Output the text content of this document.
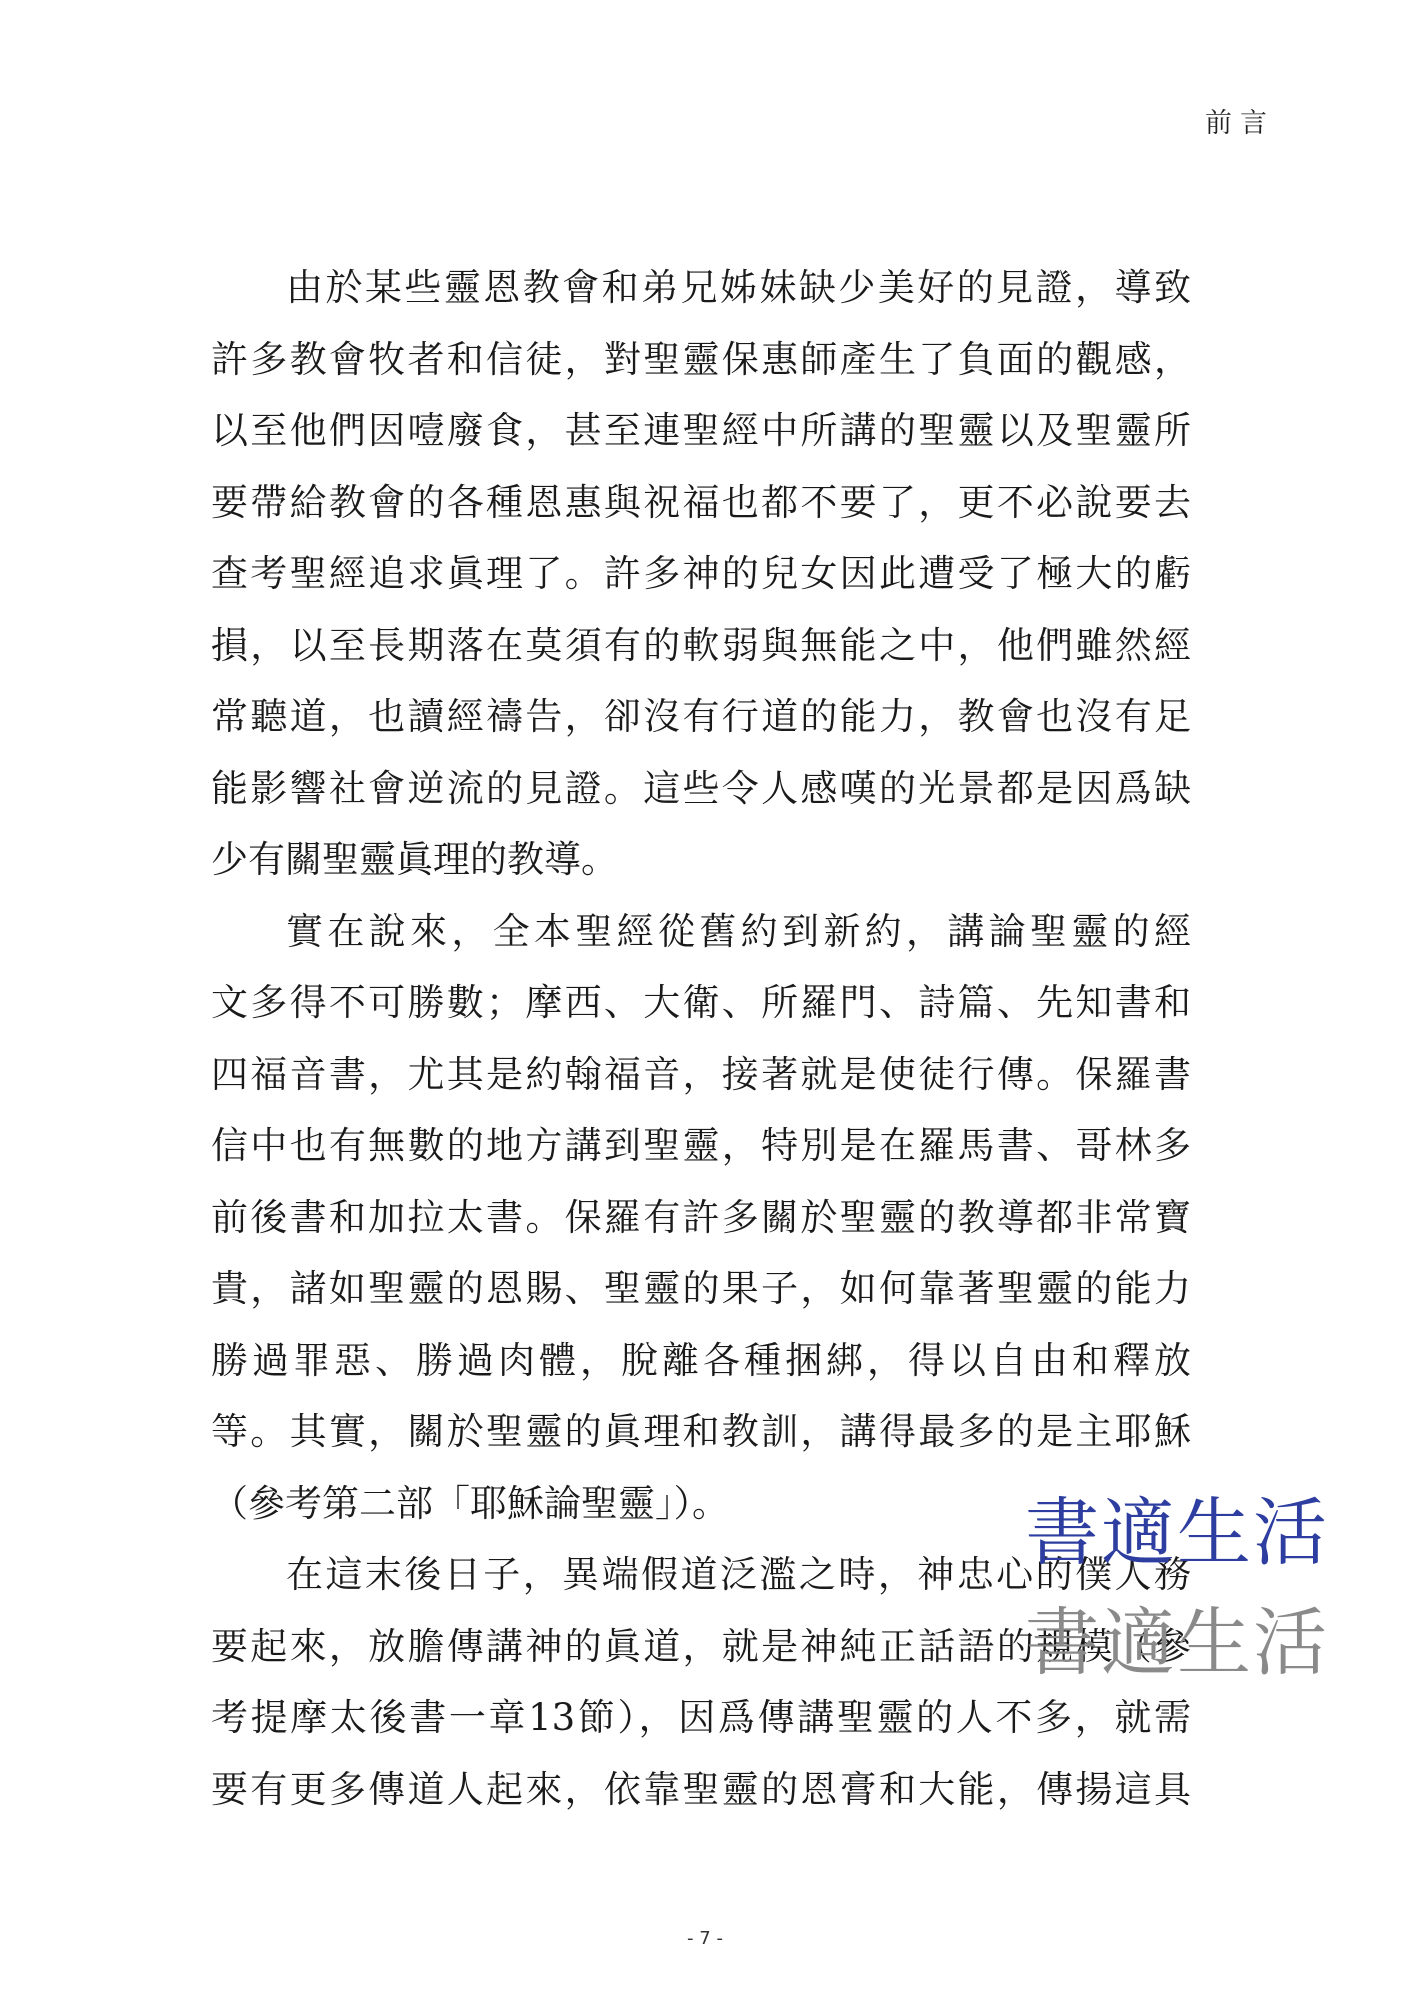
前言
由於某些靈恩教會和弟兄姊妹缺少美好的見證，導致
許多教會牧者和信徒，對聖靈保惠師產生了負面的觀感，
以至他們因噎廢食，甚至連聖經中所講的聖靈以及聖靈所
要帶給教會的各種恩惠與祝福也都不要了，更不必說要去
查考聖經追求眞理了。許多神的兒女因此遭受了極大的虧
損，以至長期落在莫須有的軟弱與無能之中，他們雖然經
常聽道，也讀經禱告，卻沒有行道的能力，教會也沒有足
能影響社會逆流的見證。這些令人感嘆的光景都是因爲缺
少有關聖靈眞理的教導。
實在說來，全本聖經從舊約到新約，講論聖靈的經
文多得不可勝數；摩西、大衛、所羅門、詩篇、先知書和
四福音書，尤其是約翰福音，接著就是使徒行傳。保羅書
信中也有無數的地方講到聖靈，特別是在羅馬書、哥林多
前後書和加拉太書。保羅有許多關於聖靈的教導都非常寶
貴，諸如聖靈的恩賜、聖靈的果子，如何靠著聖靈的能力
勝過罪惡、勝過肉體，脫離各種捆綁，得以自由和釋放
等。其實，關於聖靈的眞理和教訓，講得最多的是主耶穌
（參考第二部「耶穌論聖靈」）。
在這末後日子，異端假道泛濫之時，神忠心的僕人務
要起來，放膽傳講神的眞道，就是神純正話語的規模（參
考提摩太後書一章13節），因爲傳講聖靈的人不多，就需
要有更多傳道人起來，依靠聖靈的恩膏和大能，傳揚這具
書適生活
書適生活
- 7 -
